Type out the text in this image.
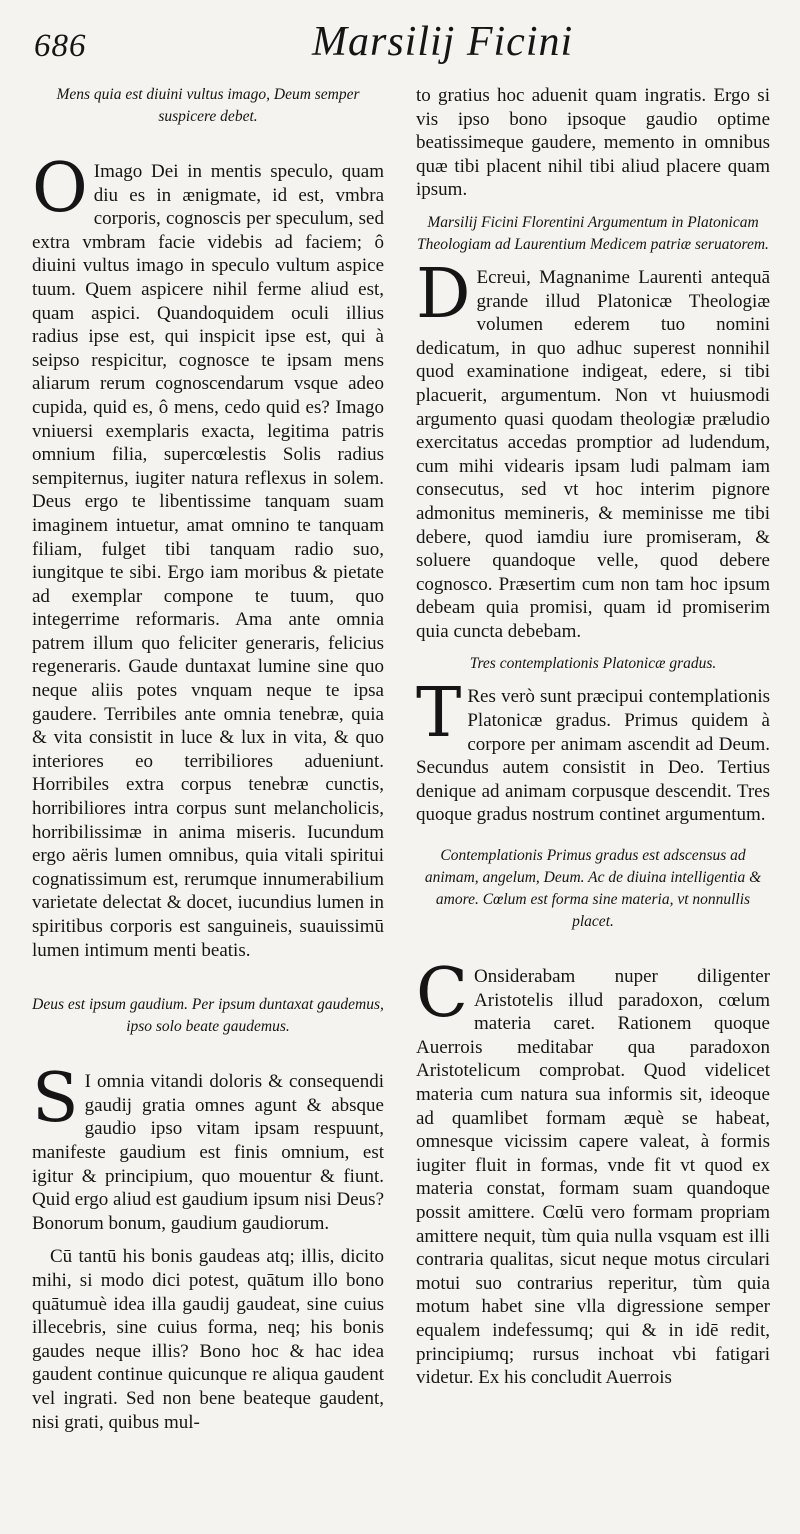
686	Marsilij Ficini

Mens quia est diuini vultus imago, Deum semper suspicere debet.

O Imago Dei in mentis speculo, quam diu es in ænigmate, id est, vmbra corporis, cognoscis per speculum, sed extra vmbram facie videbis ad faciem; ô diuini vultus imago in speculo vultum aspice tuum. Quem aspicere nihil ferme aliud est, quam aspici. Quandoquidem oculi illius radius ipse est, qui inspicit ipse est, qui à seipso respicitur, cognosce te ipsam mens aliarum rerum cognoscendarum vsque adeo cupida, quid es, ô mens, cedo quid es? Imago vniuersi exemplaris exacta, legitima patris omnium filia, supercœlestis Solis radius sempiternus, iugiter natura reflexus in solem. Deus ergo te libentissime tanquam suam imaginem intuetur, amat omnino te tanquam filiam, fulget tibi tanquam radio suo, iungitque te sibi. Ergo iam moribus & pietate ad exemplar compone te tuum, quo integerrime reformaris. Ama ante omnia patrem illum quo feliciter generaris, felicius regeneraris. Gaude duntaxat lumine sine quo neque aliis potes vnquam neque te ipsa gaudere. Terribiles ante omnia tenebræ, quia & vita consistit in luce & lux in vita, & quo interiores eo terribiliores adueniunt. Horribiles extra corpus tenebræ cunctis, horribiliores intra corpus sunt melancholicis, horribilissimæ in anima miseris. Iucundum ergo aëris lumen omnibus, quia vitali spiritui cognatissimum est, rerumque innumerabilium varietate delectat & docet, iucundius lumen in spiritibus corporis est sanguineis, suauissimū lumen intimum menti beatis.

Deus est ipsum gaudium. Per ipsum duntaxat gaudemus, ipso solo beate gaudemus.

S I omnia vitandi doloris & consequendi gaudij gratia omnes agunt & absque gaudio ipso vitam ipsam respuunt, manifeste gaudium est finis omnium, est igitur & principium, quo mouentur & fiunt. Quid ergo aliud est gaudium ipsum nisi Deus? Bonorum bonum, gaudium gaudiorum.

Cū tantū his bonis gaudeas atq; illis, dicito mihi, si modo dici potest, quātum illo bono quātumuè idea illa gaudij gaudeat, sine cuius illecebris, sine cuius forma, neq; his bonis gaudes neque illis? Bono hoc & hac idea gaudent continue quicunque re aliqua gaudent vel ingrati. Sed non bene beateque gaudent, nisi grati, quibus mul-

to gratius hoc aduenit quam ingratis. Ergo si vis ipso bono ipsoque gaudio optime beatissimeque gaudere, memento in omnibus quæ tibi placent nihil tibi aliud placere quam ipsum.

Marsilij Ficini Florentini Argumentum in Platonicam Theologiam ad Laurentium Medicem patriæ seruatorem.

D Ecreui, Magnanime Laurenti antequā grande illud Platonicæ Theologiæ volumen ederem tuo nomini dedicatum, in quo adhuc superest nonnihil quod examinatione indigeat, edere, si tibi placuerit, argumentum. Non vt huiusmodi argumento quasi quodam theologiæ præludio exercitatus accedas promptior ad ludendum, cum mihi videaris ipsam ludi palmam iam consecutus, sed vt hoc interim pignore admonitus memineris, & meminisse me tibi debere, quod iamdiu iure promiseram, & soluere quandoque velle, quod debere cognosco. Præsertim cum non tam hoc ipsum debeam quia promisi, quam id promiserim quia cuncta debebam.

Tres contemplationis Platonicæ gradus.

T Res verò sunt præcipui contemplationis Platonicæ gradus. Primus quidem à corpore per animam ascendit ad Deum. Secundus autem consistit in Deo. Tertius denique ad animam corpusque descendit. Tres quoque gradus nostrum continet argumentum.

Contemplationis Primus gradus est adscensus ad animam, angelum, Deum. Ac de diuina intelligentia & amore. Cœlum est forma sine materia, vt nonnullis placet.

C Onsiderabam nuper diligenter Aristotelis illud paradoxon, cœlum materia caret. Rationem quoque Auerrois meditabar qua paradoxon Aristotelicum comprobat. Quod videlicet materia cum natura sua informis sit, ideoque ad quamlibet formam æquè se habeat, omnesque vicissim capere valeat, à formis iugiter fluit in formas, vnde fit vt quod ex materia constat, formam suam quandoque possit amittere. Cœlū vero formam propriam amittere nequit, tùm quia nulla vsquam est illi contraria qualitas, sicut neque motus circulari motui suo contrarius reperitur, tùm quia motum habet sine vlla digressione semper equalem indefessumq; qui & in idē redit, principiumq; rursus inchoat vbi fatigari videtur. Ex his concludit Auerrois
